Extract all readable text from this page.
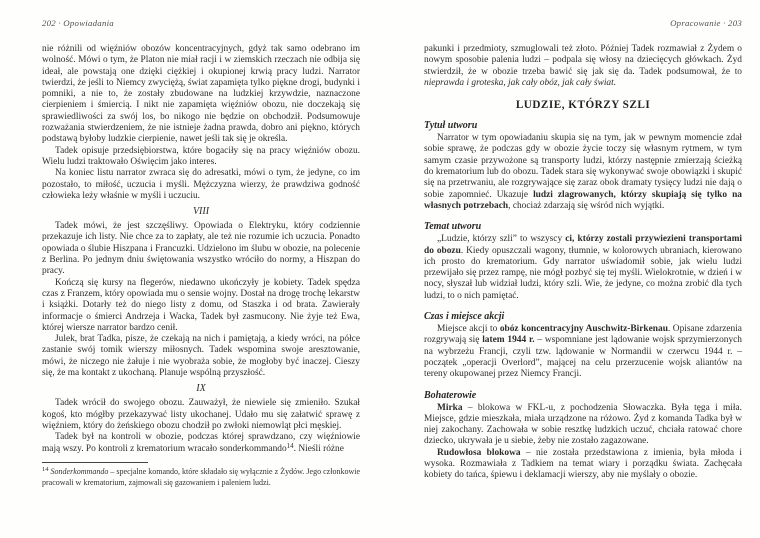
202 · Opowiadania

nie różnili od więźniów obozów koncentracyjnych, gdyż tak samo odebrano im wolność. Mówi o tym, że Platon nie miał racji i w ziemskich rzeczach nie odbija się ideał, ale powstają one dzięki ciężkiej i okupionej krwią pracy ludzi. Narrator twierdzi, że jeśli to Niemcy zwyciężą, świat zapamięta tylko piękne drogi, budynki i pomniki, a nie to, że zostały zbudowane na ludzkiej krzywdzie, naznaczone cierpieniem i śmiercią. I nikt nie zapamięta więźniów obozu, nie doczekają się sprawiedliwości za swój los, bo nikogo nie będzie on obchodził. Podsumowuje rozważania stwierdzeniem, że nie istnieje żadna prawda, dobro ani piękno, których podstawą byłoby ludzkie cierpienie, nawet jeśli tak się je określa.

Tadek opisuje przedsiębiorstwa, które bogaciły się na pracy więźniów obozu. Wielu ludzi traktowało Oświęcim jako interes.

Na koniec listu narrator zwraca się do adresatki, mówi o tym, że jedyne, co im pozostało, to miłość, uczucia i myśli. Mężczyzna wierzy, że prawdziwa godność człowieka leży właśnie w myśli i uczuciu.

VIII

Tadek mówi, że jest szczęśliwy. Opowiada o Elektryku, który codziennie przekazuje ich listy. Nie chce za to zapłaty, ale też nie rozumie ich uczucia. Ponadto opowiada o ślubie Hiszpana i Francuzki. Udzielono im ślubu w obozie, na polecenie z Berlina. Po jednym dniu świętowania wszystko wróciło do normy, a Hiszpan do pracy.

Kończą się kursy na flegerów, niedawno ukończyły je kobiety. Tadek spędza czas z Franzem, który opowiada mu o sensie wojny. Dostał na drogę trochę lekarstw i książki. Dotarły też do niego listy z domu, od Staszka i od brata. Zawierały informacje o śmierci Andrzeja i Wacka, Tadek był zasmucony. Nie żyje też Ewa, której wiersze narrator bardzo cenił.

Julek, brat Tadka, pisze, że czekają na nich i pamiętają, a kiedy wróci, na półce zastanie swój tomik wierszy miłosnych. Tadek wspomina swoje aresztowanie, mówi, że niczego nie żałuje i nie wyobraża sobie, że mogłoby być inaczej. Cieszy się, że ma kontakt z ukochaną. Planuje wspólną przyszłość.

IX

Tadek wrócił do swojego obozu. Zauważył, że niewiele się zmieniło. Szukał kogoś, kto mógłby przekazywać listy ukochanej. Udało mu się załatwić sprawę z więźniem, który do żeńskiego obozu chodził po zwłoki niemowląt płci męskiej.

Tadek był na kontroli w obozie, podczas której sprawdzano, czy więźniowie mają wszy. Po kontroli z krematorium wracało sonderkommando$^{14}$. Nieśli różne

$^{14}$ Sonderkommando – specjalne komando, które składało się wyłącznie z Żydów. Jego członkowie pracowali w krematorium, zajmowali się gazowaniem i paleniem ludzi.
Opracowanie · 203

pakunki i przedmioty, szmuglowali też złoto. Później Tadek rozmawiał z Żydem o nowym sposobie palenia ludzi – podpala się włosy na dziecięcych główkach. Żyd stwierdził, że w obozie trzeba bawić się jak się da. Tadek podsumował, że to nieprawda i groteska, jak cały obóz, jak cały świat.

LUDZIE, KTÓRZY SZLI
Tytuł utworu

Narrator w tym opowiadaniu skupia się na tym, jak w pewnym momencie zdał sobie sprawę, że podczas gdy w obozie życie toczy się własnym rytmem, w tym samym czasie przywożone są transporty ludzi, którzy następnie zmierzają ścieżką do krematorium lub do obozu. Tadek stara się wykonywać swoje obowiązki i skupić się na przetrwaniu, ale rozgrywające się zaraz obok dramaty tysięcy ludzi nie dają o sobie zapomnieć. Ukazuje ludzi zlagrowanych, którzy skupiają się tylko na własnych potrzebach, chociaż zdarzają się wśród nich wyjątki.

Temat utworu

„Ludzie, którzy szli” to wszyscy ci, którzy zostali przywiezieni transportami do obozu. Kiedy opuszczali wagony, tłumnie, w kolorowych ubraniach, kierowano ich prosto do krematorium. Gdy narrator uświadomił sobie, jak wielu ludzi przewijało się przez rampę, nie mógł pozbyć się tej myśli. Wielokrotnie, w dzień i w nocy, słyszał lub widział ludzi, który szli. Wie, że jedyne, co można zrobić dla tych ludzi, to o nich pamiętać.

Czas i miejsce akcji

Miejsce akcji to obóz koncentracyjny Auschwitz-Birkenau. Opisane zdarzenia rozgrywają się latem 1944 r. – wspomniane jest lądowanie wojsk sprzymierzonych na wybrzeżu Francji, czyli tzw. lądowanie w Normandii w czerwcu 1944 r. – początek „operacji Overlord”, mającej na celu przerzucenie wojsk aliantów na tereny okupowanej przez Niemcy Francji.

Bohaterowie

Mirka – blokowa w FKL-u, z pochodzenia Słowaczka. Była tęga i miła. Miejsce, gdzie mieszkała, miała urządzone na różowo. Żyd z komanda Tadka był w niej zakochany. Zachowała w sobie resztkę ludzkich uczuć, chciała ratować chore dziecko, ukrywała je u siebie, żeby nie zostało zagazowane.

Rudowłosa blokowa – nie została przedstawiona z imienia, była młoda i wysoka. Rozmawiała z Tadkiem na temat wiary i porządku świata. Zachęcała kobiety do tańca, śpiewu i deklamacji wierszy, aby nie myślały o obozie.
